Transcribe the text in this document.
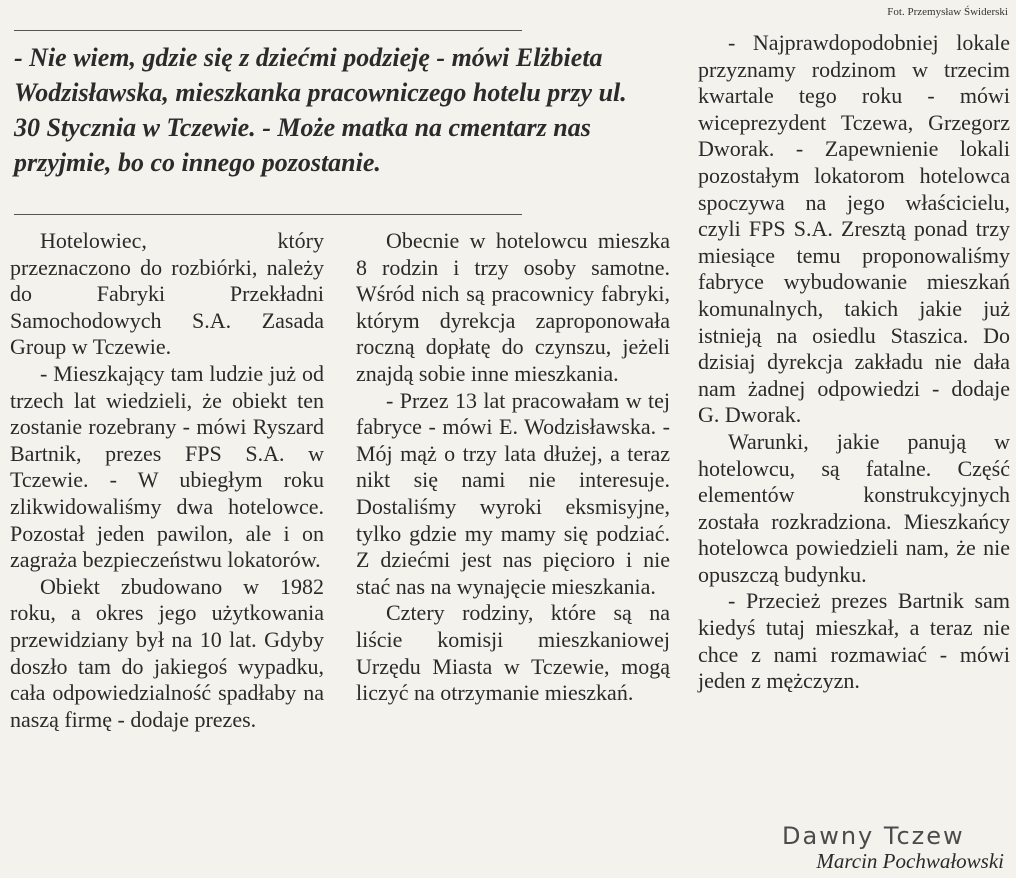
Fot. Przemysław Świderski

- Nie wiem, gdzie się z dziećmi podzieję - mówi Elżbieta Wodzisławska, mieszkanka pracowniczego hotelu przy ul. 30 Stycznia w Tczewie. - Może matka na cmentarz nas przyjmie, bo co innego pozostanie.

Hotelowiec, który przeznaczono do rozbiórki, należy do Fabryki Przekładni Samochodowych S.A. Zasada Group w Tczewie.

- Mieszkający tam ludzie już od trzech lat wiedzieli, że obiekt ten zostanie rozebrany - mówi Ryszard Bartnik, prezes FPS S.A. w Tczewie. - W ubiegłym roku zlikwidowaliśmy dwa hotelowce. Pozostał jeden pawilon, ale i on zagraża bezpieczeństwu lokatorów.

Obiekt zbudowano w 1982 roku, a okres jego użytkowania przewidziany był na 10 lat. Gdyby doszło tam do jakiegoś wypadku, cała odpowiedzialność spadłaby na naszą firmę - dodaje prezes.

Obecnie w hotelowcu mieszka 8 rodzin i trzy osoby samotne. Wśród nich są pracownicy fabryki, którym dyrekcja zaproponowała roczną dopłatę do czynszu, jeżeli znajdą sobie inne mieszkania.

- Przez 13 lat pracowałam w tej fabryce - mówi E. Wodzisławska. - Mój mąż o trzy lata dłużej, a teraz nikt się nami nie interesuje. Dostaliśmy wyroki eksmisyjne, tylko gdzie my mamy się podziać. Z dziećmi jest nas pięcioro i nie stać nas na wynajęcie mieszkania.

Cztery rodziny, które są na liście komisji mieszkaniowej Urzędu Miasta w Tczewie, mogą liczyć na otrzymanie mieszkań.

- Najprawdopodobniej lokale przyznamy rodzinom w trzecim kwartale tego roku - mówi wiceprezydent Tczewa, Grzegorz Dworak. - Zapewnienie lokali pozostałym lokatorom hotelowca spoczywa na jego właścicielu, czyli FPS S.A. Zresztą ponad trzy miesiące temu proponowaliśmy fabryce wybudowanie mieszkań komunalnych, takich jakie już istnieją na osiedlu Staszica. Do dzisiaj dyrekcja zakładu nie dała nam żadnej odpowiedzi - dodaje G. Dworak.

Warunki, jakie panują w hotelowcu, są fatalne. Część elementów konstrukcyjnych została rozkradziona. Mieszkańcy hotelowca powiedzieli nam, że nie opuszczą budynku.

- Przecież prezes Bartnik sam kiedyś tutaj mieszkał, a teraz nie chce z nami rozmawiać - mówi jeden z mężczyzn.

Dawny Tczew
Marcin Pochwałowski
